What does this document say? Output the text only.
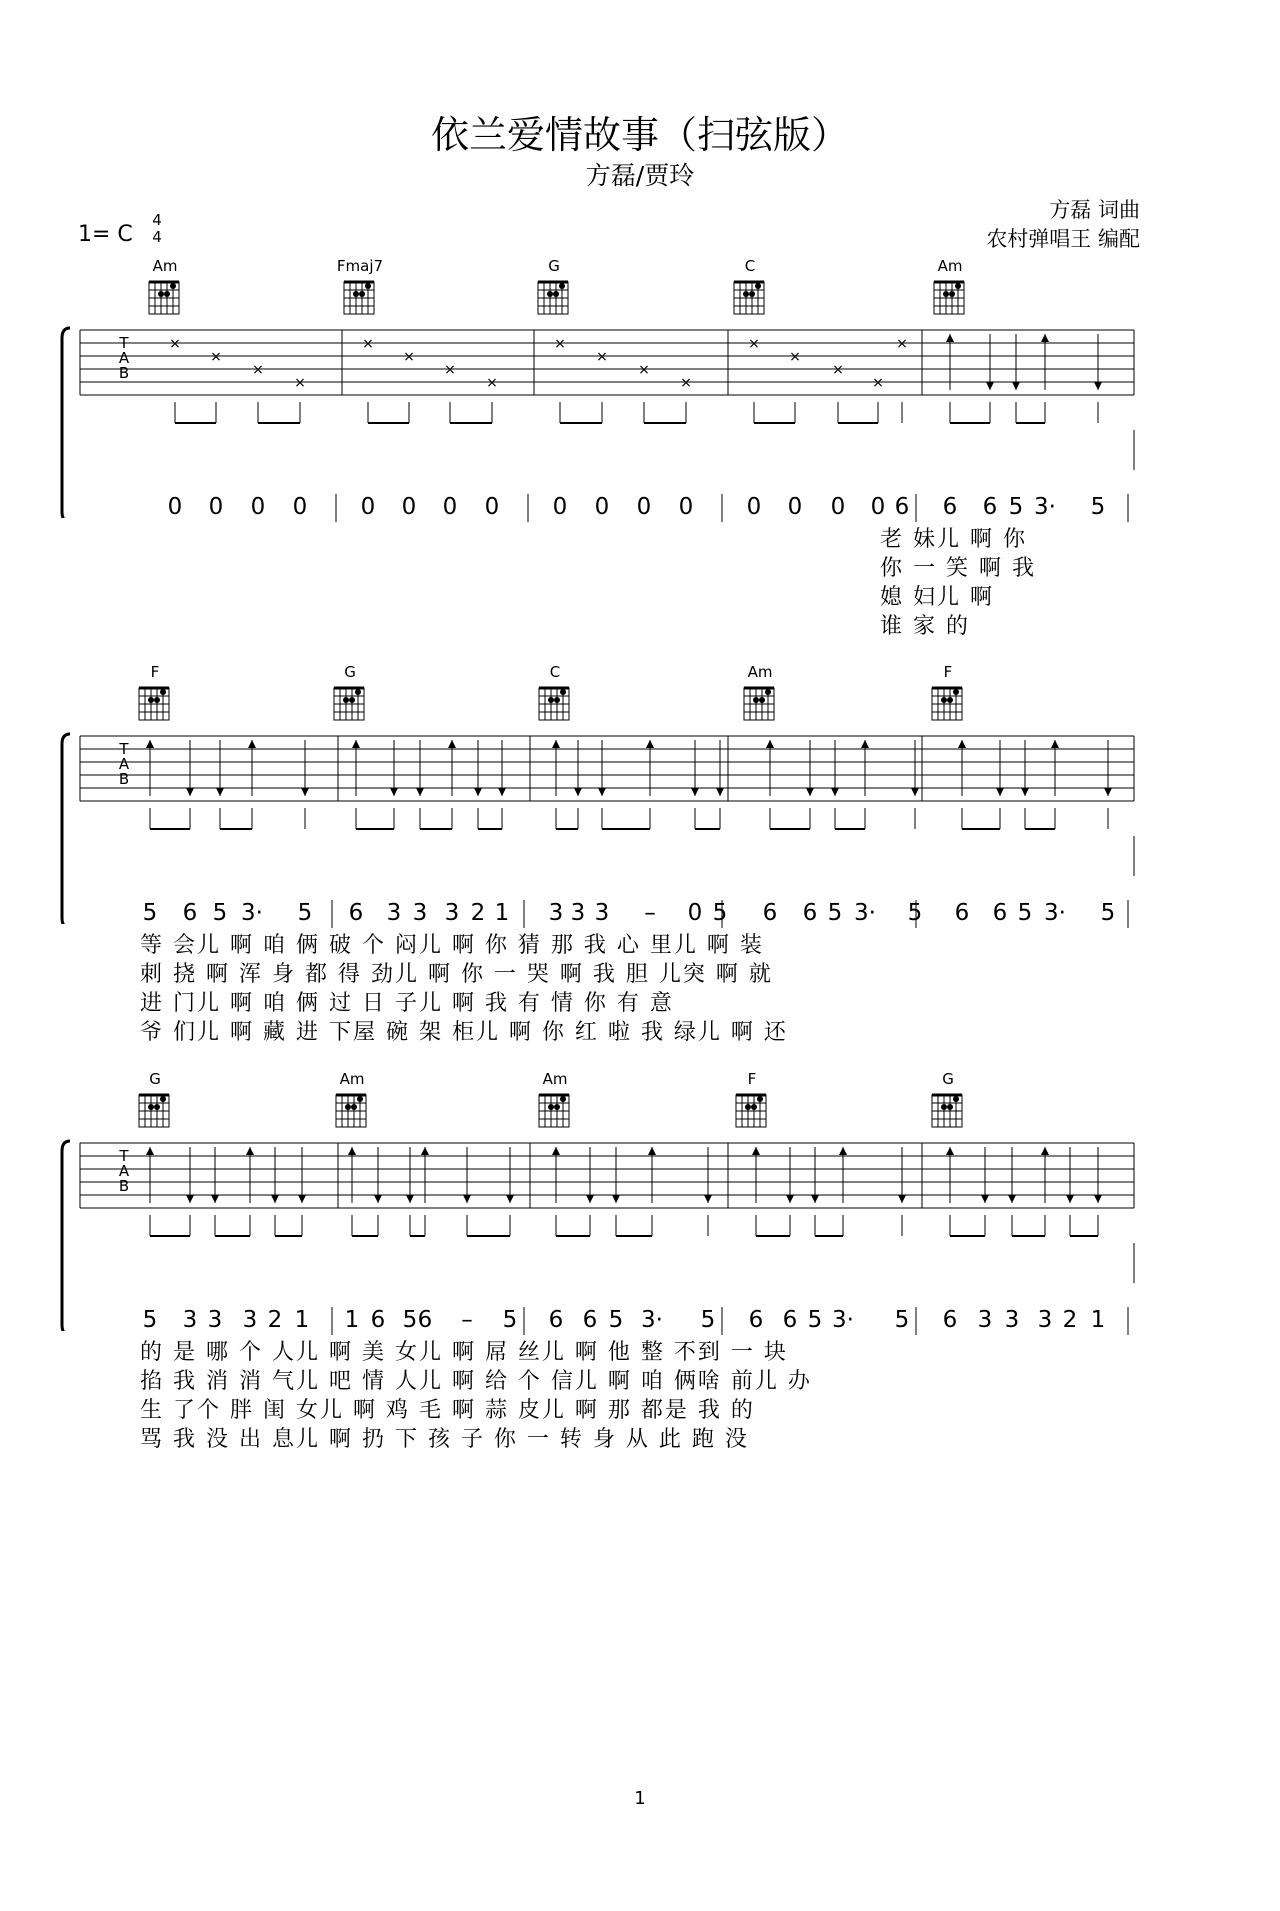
依兰爱情故事（扫弦版）
方磊/贾玲
1= C
4
4
方磊 词曲
农村弹唱王 编配
Am	Fmaj7	G	C	Am
×
×
×
×
×
×
×
×
×
×
×
×
×
×
×
×
×
T
A
B
0 0 0 0 0 0 0 0 0 0 0 0 0 0 0 0 6 6 6 5 3· 5
老 妹儿 啊 你
你 一 笑 啊 我
媳 妇儿 啊
谁 家 的
F	G	C	Am	F
T
A
B
5 6 5 3· 5 6 3 3 3 2 1 3 3 3 – 0 5 6 6 5 3· 5 6 6 5 3· 5
等 会儿 啊 咱 俩 破 个 闷儿 啊 你 猜 那 我 心 里儿 啊 装
刺 挠 啊 浑 身 都 得 劲儿 啊 你 一 哭 啊 我 胆 儿突 啊 就
进 门儿 啊 咱 俩 过 日 子儿 啊 我 有 情 你 有 意
爷 们儿 啊 藏 进 下屋 碗 架 柜儿 啊 你 红 啦 我 绿儿 啊 还
G	Am	Am	F	G
T
A
B
5 3 3 3 2 1 1 6 5 6 – 5 6 6 5 3· 5 6 6 5 3· 5 6 3 3 3 2 1
的 是 哪 个 人儿 啊 美 女儿 啊 屌 丝儿 啊 他 整 不到 一 块
掐 我 消 消 气儿 吧 情 人儿 啊 给 个 信儿 啊 咱 俩啥 前儿 办
生 了个 胖 闺 女儿 啊 鸡 毛 啊 蒜 皮儿 啊 那 都是 我 的
骂 我 没 出 息儿 啊 扔 下 孩 子 你 一 转 身 从 此 跑 没
1
